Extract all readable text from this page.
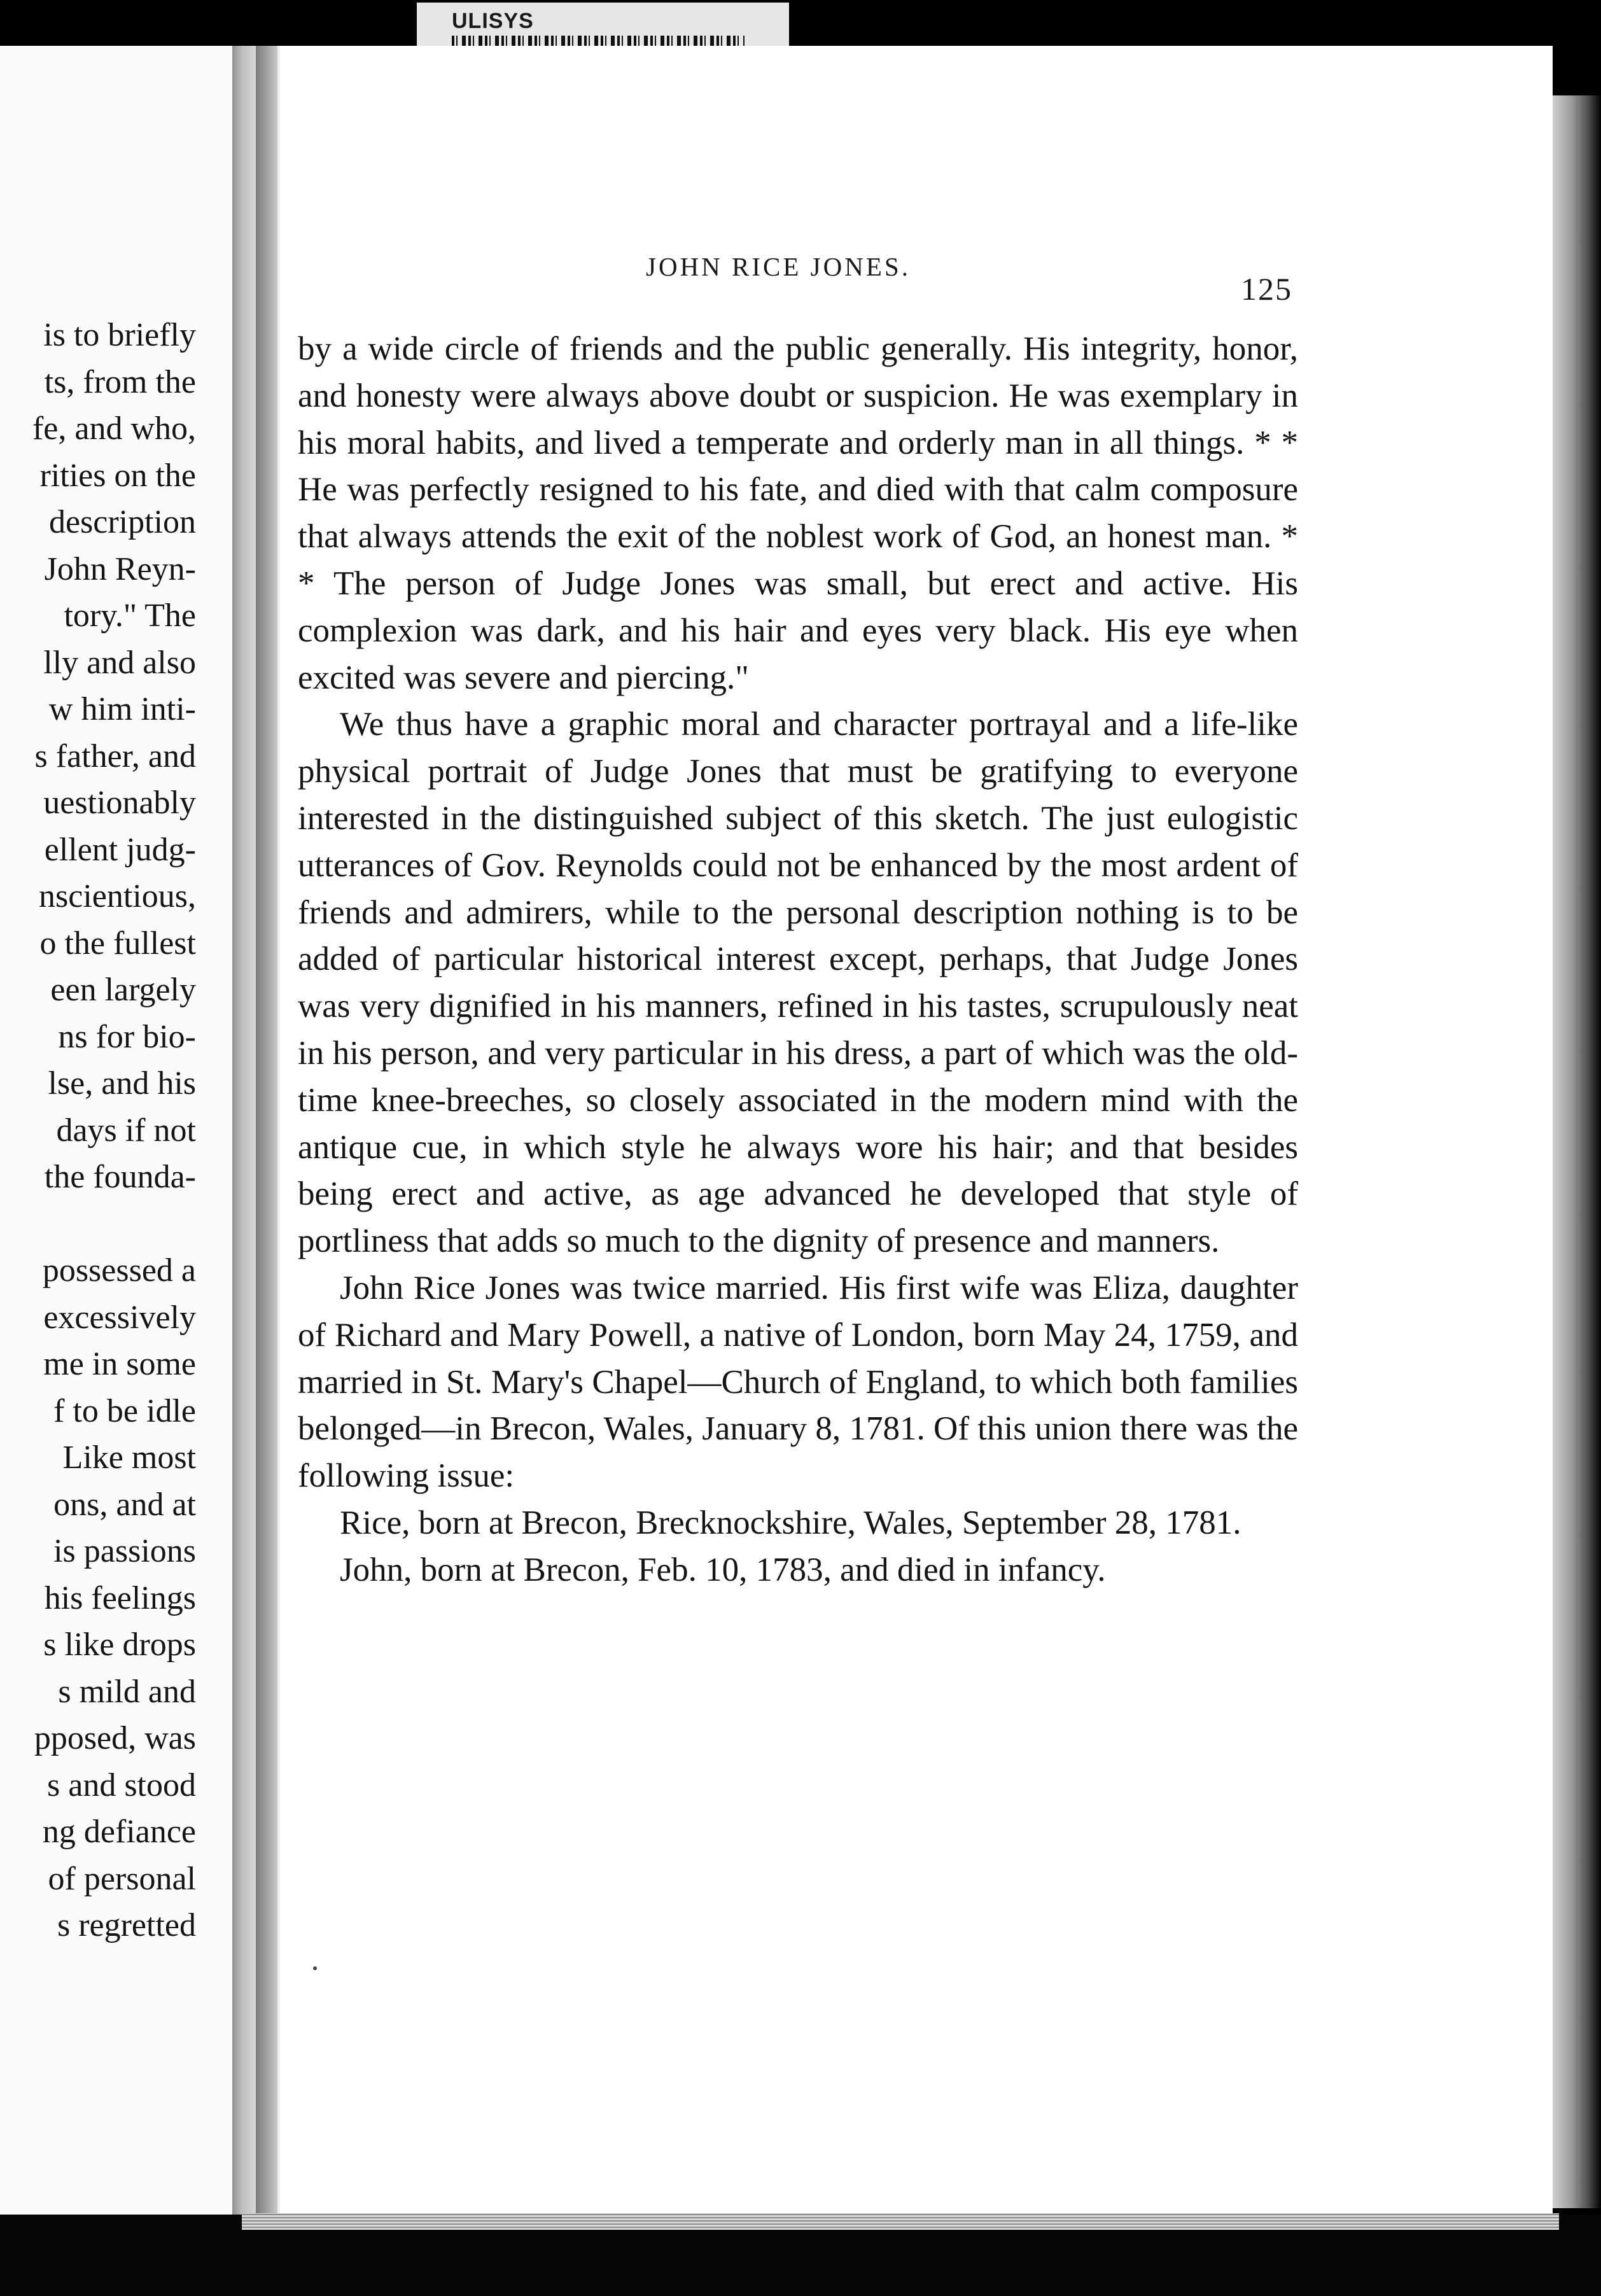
ULISYS
is to briefly
ts, from the
fe, and who,
rities on the
description
John Reyn-
tory." The
lly and also
w him inti-
s father, and
uestionably
ellent judg-
nscientious,
o the fullest
een largely
ns for bio-
lse, and his
days if not
the founda-
possessed a
excessively
me in some
f to be idle
Like most
ons, and at
is passions
his feelings
s like drops
s mild and
pposed, was
s and stood
ng defiance
of personal
s regretted
JOHN RICE JONES.
125

by a wide circle of friends and the public generally. His integrity, honor, and honesty were always above doubt or suspicion. He was exemplary in his moral habits, and lived a temperate and orderly man in all things. * * He was perfectly resigned to his fate, and died with that calm composure that always attends the exit of the noblest work of God, an honest man. * * The person of Judge Jones was small, but erect and active. His complexion was dark, and his hair and eyes very black. His eye when excited was severe and piercing."

We thus have a graphic moral and character portrayal and a life-like physical portrait of Judge Jones that must be gratifying to everyone interested in the distinguished subject of this sketch. The just eulogistic utterances of Gov. Reynolds could not be enhanced by the most ardent of friends and admirers, while to the personal description nothing is to be added of particular historical interest except, perhaps, that Judge Jones was very dignified in his manners, refined in his tastes, scrupulously neat in his person, and very particular in his dress, a part of which was the old-time knee-breeches, so closely associated in the modern mind with the antique cue, in which style he always wore his hair; and that besides being erect and active, as age advanced he developed that style of portliness that adds so much to the dignity of presence and manners.

John Rice Jones was twice married. His first wife was Eliza, daughter of Richard and Mary Powell, a native of London, born May 24, 1759, and married in St. Mary's Chapel—Church of England, to which both families belonged—in Brecon, Wales, January 8, 1781. Of this union there was the following issue:

Rice, born at Brecon, Brecknockshire, Wales, September 28, 1781.

John, born at Brecon, Feb. 10, 1783, and died in infancy.
